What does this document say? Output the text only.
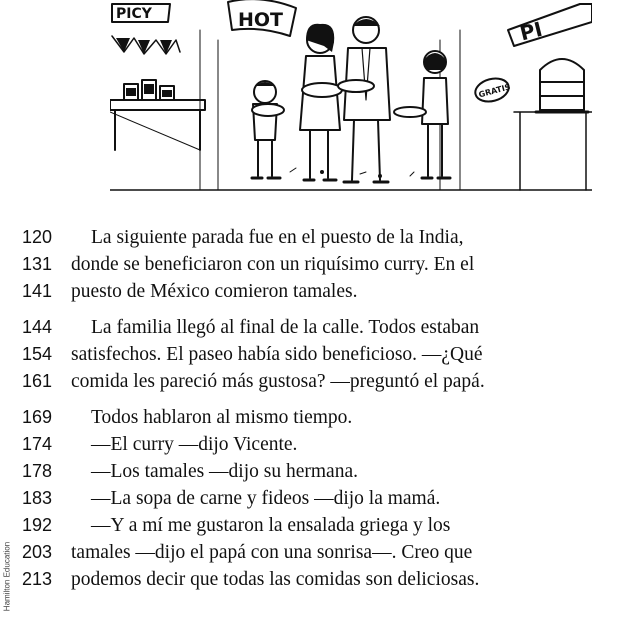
PICY	HOT
GRATIS
PI
Hamilton Education
120 La siguiente parada fue en el puesto de la India,
131 donde se beneficiaron con un riquísimo curry. En el
141 puesto de México comieron tamales.
144 La familia llegó al final de la calle. Todos estaban
154 satisfechos. El paseo había sido beneficioso. —¿Qué
161 comida les pareció más gustosa? —preguntó el papá.
169 Todos hablaron al mismo tiempo.
174 —El curry —dijo Vicente.
178 —Los tamales —dijo su hermana.
183 —La sopa de carne y fideos —dijo la mamá.
192 —Y a mí me gustaron la ensalada griega y los
203 tamales —dijo el papá con una sonrisa—. Creo que
213 podemos decir que todas las comidas son deliciosas.
